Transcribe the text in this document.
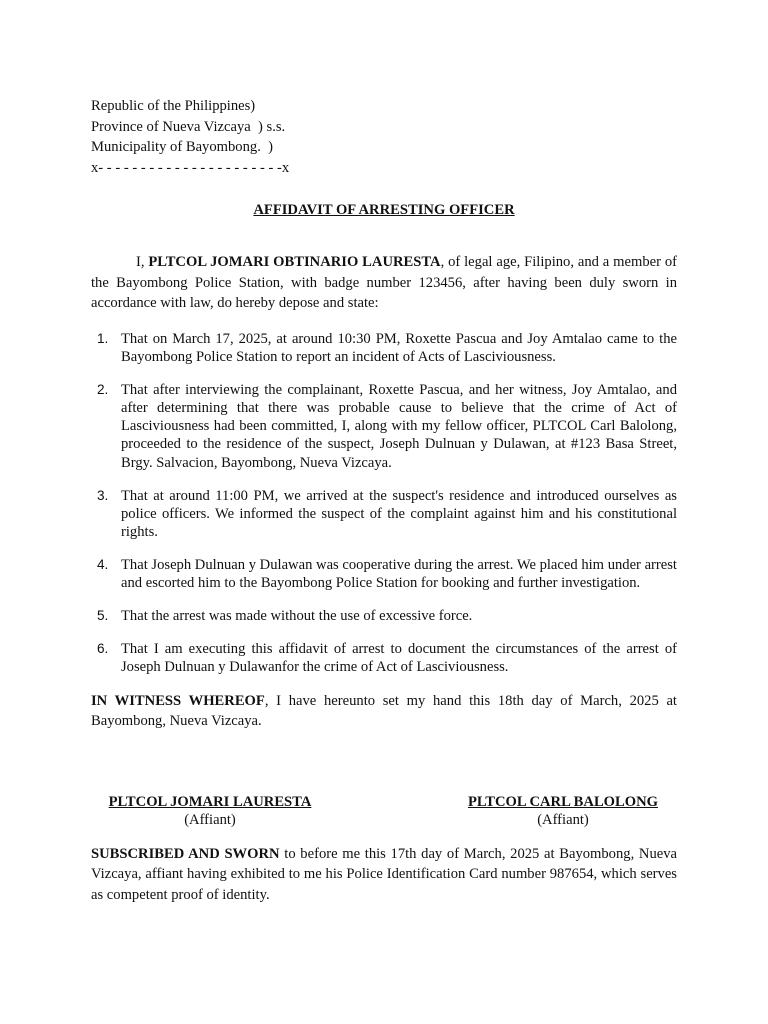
Republic of the Philippines)
Province of Nueva Vizcaya  ) s.s.
Municipality of Bayombong.  )
x- - - - - - - - - - - - - - - - - - - - - -x
AFFIDAVIT OF ARRESTING OFFICER

I, PLTCOL JOMARI OBTINARIO LAURESTA, of legal age, Filipino, and a member of the Bayombong Police Station, with badge number 123456, after having been duly sworn in accordance with law, do hereby depose and state:

1. That on March 17, 2025, at around 10:30 PM, Roxette Pascua and Joy Amtalao came to the Bayombong Police Station to report an incident of Acts of Lasciviousness.
2. That after interviewing the complainant, Roxette Pascua, and her witness, Joy Amtalao, and after determining that there was probable cause to believe that the crime of Act of Lasciviousness had been committed, I, along with my fellow officer, PLTCOL Carl Balolong, proceeded to the residence of the suspect, Joseph Dulnuan y Dulawan, at #123 Basa Street, Brgy. Salvacion, Bayombong, Nueva Vizcaya.
3. That at around 11:00 PM, we arrived at the suspect's residence and introduced ourselves as police officers. We informed the suspect of the complaint against him and his constitutional rights.
4. That Joseph Dulnuan y Dulawan was cooperative during the arrest. We placed him under arrest and escorted him to the Bayombong Police Station for booking and further investigation.
5. That the arrest was made without the use of excessive force.
6. That I am executing this affidavit of arrest to document the circumstances of the arrest of Joseph Dulnuan y Dulawanfor the crime of Act of Lasciviousness.

IN WITNESS WHEREOF, I have hereunto set my hand this 18th day of March, 2025 at Bayombong, Nueva Vizcaya.

PLTCOL JOMARI LAURESTA
(Affiant)
PLTCOL CARL BALOLONG
(Affiant)

SUBSCRIBED AND SWORN to before me this 17th day of March, 2025 at Bayombong, Nueva Vizcaya, affiant having exhibited to me his Police Identification Card number 987654, which serves as competent proof of identity.
